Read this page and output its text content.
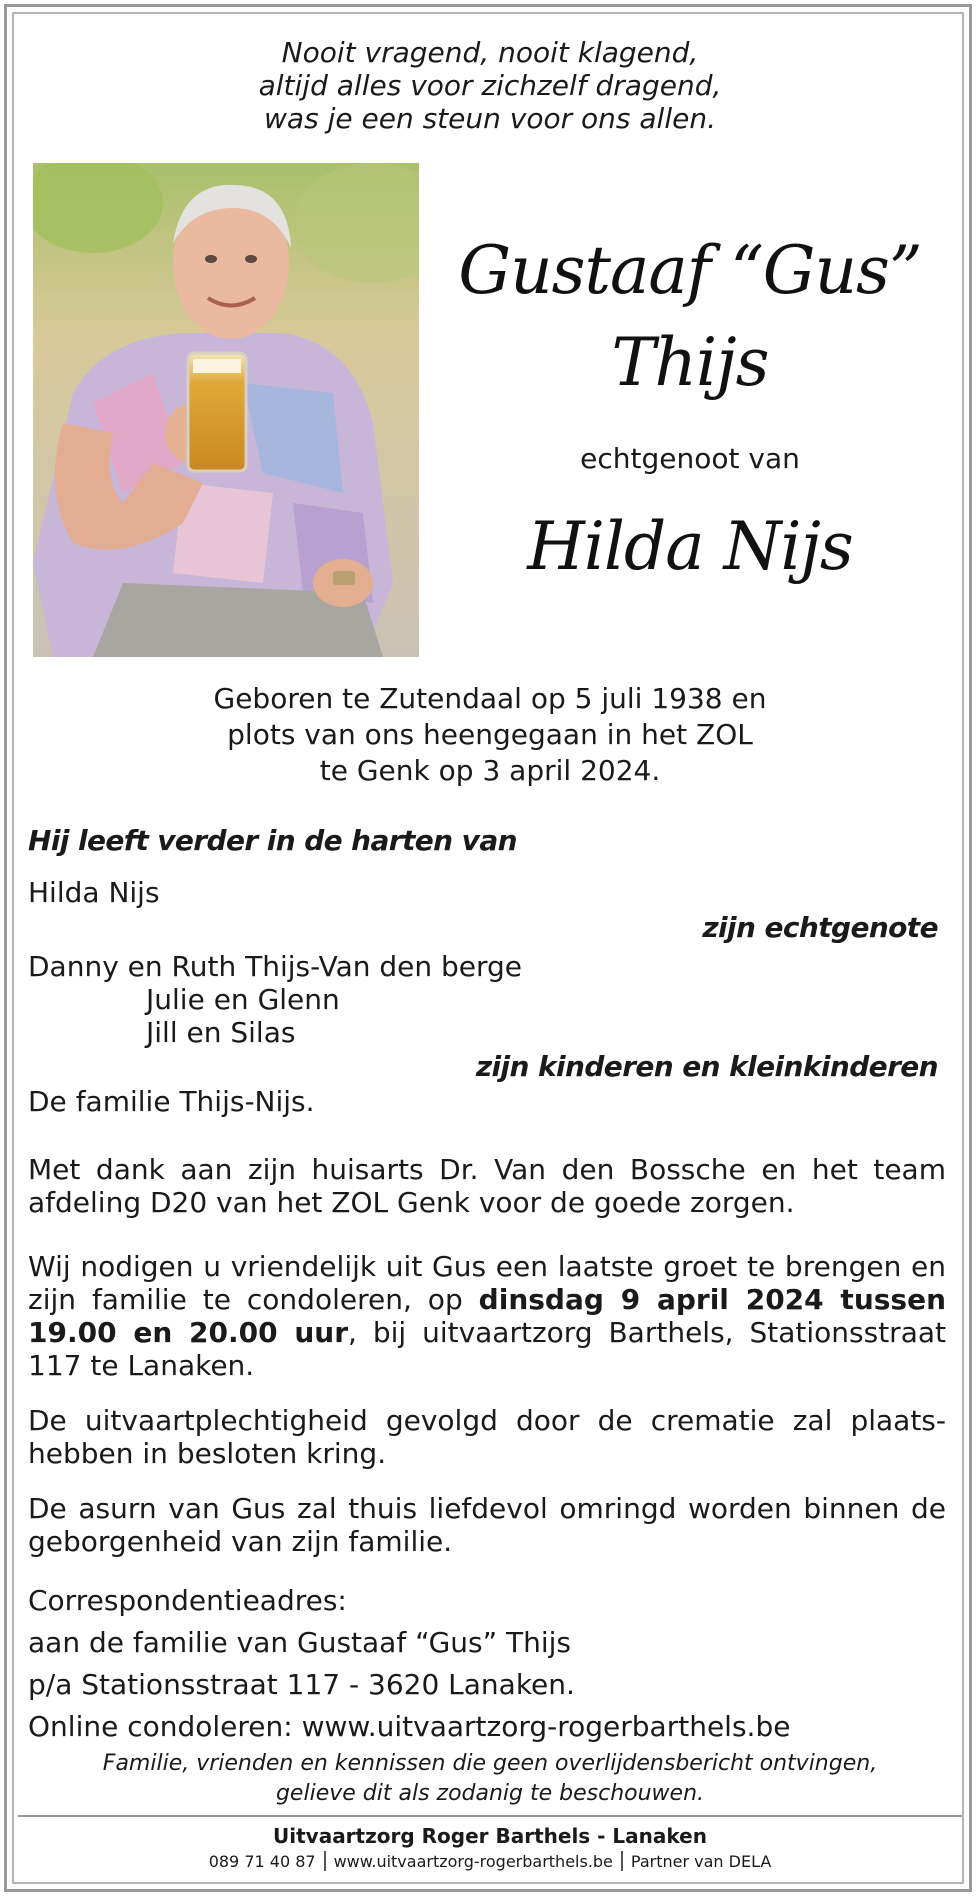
Nooit vragend, nooit klagend,
altijd alles voor zichzelf dragend,
was je een steun voor ons allen.
Gustaaf “Gus”
Thijs
echtgenoot van
Hilda Nijs
Geboren te Zutendaal op 5 juli 1938 en
plots van ons heengegaan in het ZOL
te Genk op 3 april 2024.
Hij leeft verder in de harten van
Hilda Nijs
zijn echtgenote
Danny en Ruth Thijs-Van den berge
Julie en Glenn
Jill en Silas
zijn kinderen en kleinkinderen
De familie Thijs-Nijs.
Met dank aan zijn huisarts Dr. Van den Bossche en het team afdeling D20 van het ZOL Genk voor de goede zorgen.
Wij nodigen u vriendelijk uit Gus een laatste groet te brengen en zijn familie te condoleren, op dinsdag 9 april 2024 tussen 19.00 en 20.00 uur, bij uitvaartzorg Barthels, Stationsstraat 117 te Lanaken.
De uitvaartplechtigheid gevolgd door de crematie zal plaatshebben in besloten kring.
De asurn van Gus zal thuis liefdevol omringd worden binnen de geborgenheid van zijn familie.
Correspondentieadres:
aan de familie van Gustaaf “Gus” Thijs
p/a Stationsstraat 117 - 3620 Lanaken.
Online condoleren: www.uitvaartzorg-rogerbarthels.be
Familie, vrienden en kennissen die geen overlijdensbericht ontvingen,
gelieve dit als zodanig te beschouwen.
Uitvaartzorg Roger Barthels - Lanaken
089 71 40 87 www.uitvaartzorg-rogerbarthels.be Partner van DELA
